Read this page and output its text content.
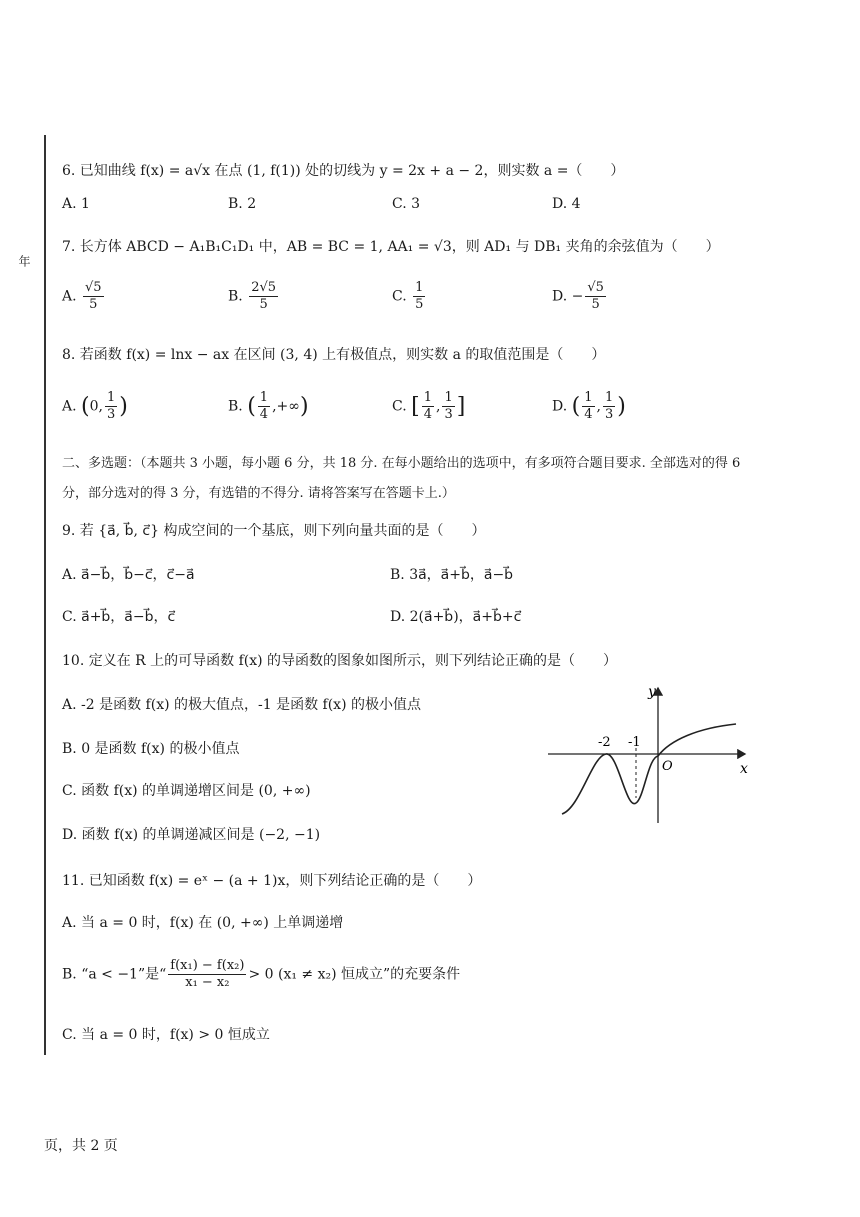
年
6. 已知曲线 f(x) = a√x 在点 (1, f(1)) 处的切线为 y = 2x + a − 2，则实数 a =（　　）
A. 1	B. 2	C. 3	D. 4
7. 长方体 ABCD − A₁B₁C₁D₁ 中，AB = BC = 1, AA₁ = √3，则 AD₁ 与 DB₁ 夹角的余弦值为（　　）
A. $\frac{√5}{5}$	B. $\frac{2√5}{5}$	C. $\frac{1}{5}$	D. − $\frac{√5}{5}$
8. 若函数 f(x) = lnx − ax 在区间 (3, 4) 上有极值点，则实数 a 的取值范围是（　　）
A. (0, $\frac{1}{3}$ )	B. ( $\frac{1}{4}$ ,+∞)	C. [ $\frac{1}{4}$ , $\frac{1}{3}$ ]	D. ( $\frac{1}{4}$ , $\frac{1}{3}$ )
二、多选题：（本题共 3 小题，每小题 6 分，共 18 分. 在每小题给出的选项中，有多项符合题目要求. 全部选对的得 6
分，部分选对的得 3 分，有选错的不得分. 请将答案写在答题卡上.）
9. 若 {a⃗, b⃗, c⃗} 构成空间的一个基底，则下列向量共面的是（　　）
A. a⃗−b⃗，b⃗−c⃗，c⃗−a⃗	B. 3a⃗，a⃗+b⃗，a⃗−b⃗
C. a⃗+b⃗，a⃗−b⃗，c⃗	D. 2(a⃗+b⃗)，a⃗+b⃗+c⃗
10. 定义在 R 上的可导函数 f(x) 的导函数的图象如图所示，则下列结论正确的是（　　）
A. -2 是函数 f(x) 的极大值点，-1 是函数 f(x) 的极小值点
B. 0 是函数 f(x) 的极小值点
C. 函数 f(x) 的单调递增区间是 (0, +∞)
D. 函数 f(x) 的单调递减区间是 (−2, −1)
y
x
O
-2 -1
11. 已知函数 f(x) = eˣ − (a + 1)x，则下列结论正确的是（　　）
A. 当 a = 0 时，f(x) 在 (0, +∞) 上单调递增
B. “a < −1”是“ $\frac{\text{f(x₁) − f(x₂)}}{\text{x₁ − x₂}} > 0$ (x₁ ≠ x₂) 恒成立”的充要条件
C. 当 a = 0 时，f(x) > 0 恒成立
页，共 2 页
